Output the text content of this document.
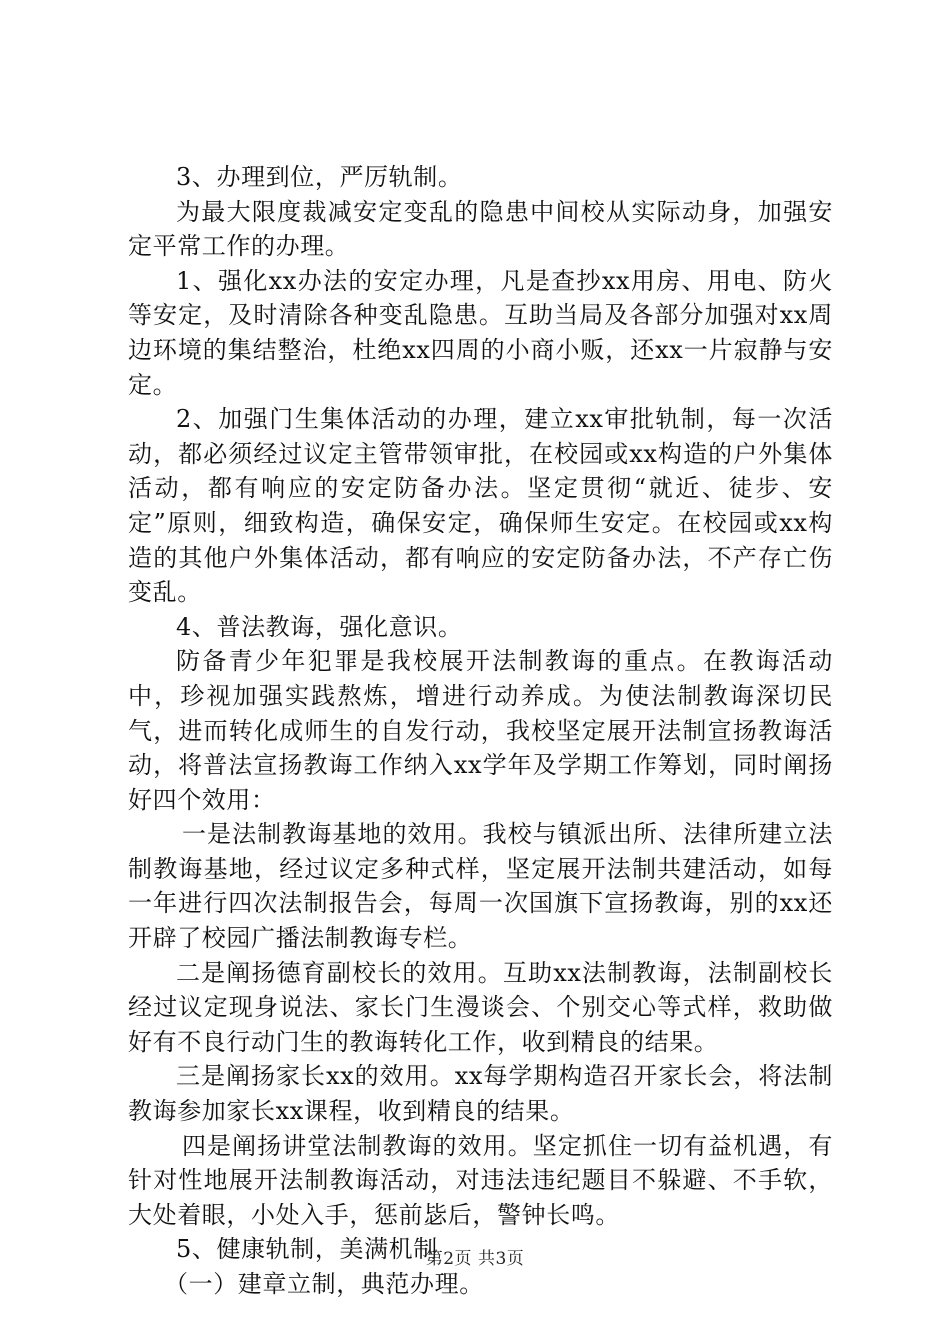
3、办理到位，严厉轨制。

为最大限度裁减安定变乱的隐患中间校从实际动身，加强安定平常工作的办理。

1、强化xx办法的安定办理，凡是查抄xx用房、用电、防火等安定，及时清除各种变乱隐患。互助当局及各部分加强对xx周边环境的集结整治，杜绝xx四周的小商小贩，还xx一片寂静与安定。

2、加强门生集体活动的办理，建立xx审批轨制，每一次活动，都必须经过议定主管带领审批，在校园或xx构造的户外集体活动，都有响应的安定防备办法。坚定贯彻“就近、徒步、安定”原则，细致构造，确保安定，确保师生安定。在校园或xx构造的其他户外集体活动，都有响应的安定防备办法，不产存亡伤变乱。

4、普法教诲，强化意识。

防备青少年犯罪是我校展开法制教诲的重点。在教诲活动中，珍视加强实践熬炼，增进行动养成。为使法制教诲深切民气，进而转化成师生的自发行动，我校坚定展开法制宣扬教诲活动，将普法宣扬教诲工作纳入xx学年及学期工作筹划，同时阐扬好四个效用：

一是法制教诲基地的效用。我校与镇派出所、法律所建立法制教诲基地，经过议定多种式样，坚定展开法制共建活动，如每一年进行四次法制报告会，每周一次国旗下宣扬教诲，别的xx还开辟了校园广播法制教诲专栏。

二是阐扬德育副校长的效用。互助xx法制教诲，法制副校长经过议定现身说法、家长门生漫谈会、个别交心等式样，救助做好有不良行动门生的教诲转化工作，收到精良的结果。

三是阐扬家长xx的效用。xx每学期构造召开家长会，将法制教诲参加家长xx课程，收到精良的结果。

四是阐扬讲堂法制教诲的效用。坚定抓住一切有益机遇，有针对性地展开法制教诲活动，对违法违纪题目不躲避、不手软，大处着眼，小处入手，惩前毖后，警钟长鸣。

5、健康轨制，美满机制

（一）建章立制，典范办理。

第2页 共3页
